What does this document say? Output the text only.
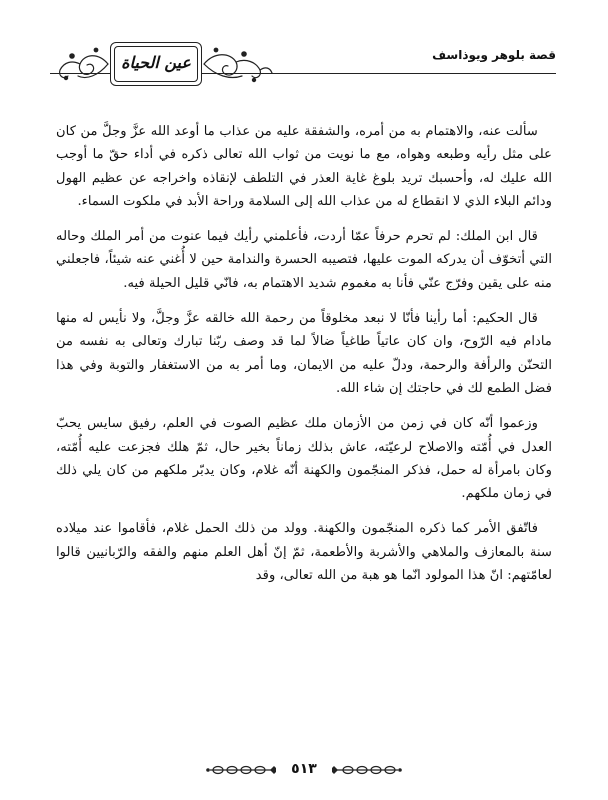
عين الحياة	قصة بلوهر ويوذاسف

سألت عنه، والاهتمام به من أمره، والشفقة عليه من عذاب ما أوعد الله عزَّ وجلَّ من كان على مثل رأيه وطبعه وهواه، مع ما نويت من ثواب الله تعالى ذكره في أداء حقّ ما أوجب الله عليك له، وأحسبك تريد بلوغ غاية العذر في التلطف لإنقاذه واخراجه عن عظيم الهول ودائم البلاء الذي لا انقطاع له من عذاب الله إلى السلامة وراحة الأبد في ملكوت السماء.

قال ابن الملك: لم تحرم حرفاً عمّا أردت، فأعلمني رأيك فيما عنوت من أمر الملك وحاله التي أتخوّف أن يدركه الموت عليها، فتصيبه الحسرة والندامة حين لا أُغني عنه شيئاً، فاجعلني منه على يقين وفرّج عنّي فأنا به مغموم شديد الاهتمام به، فانّي قليل الحيلة فيه.

قال الحكيم: أما رأينا فأنّا لا نبعد مخلوقاً من رحمة الله خالقه عزَّ وجلَّ، ولا نأيس له منها مادام فيه الرّوح، وان كان عاتياً طاغياً ضالاً لما قد وصف ربّنا تبارك وتعالى به نفسه من التحنّن والرأفة والرحمة، ودلّ عليه من الايمان، وما أمر به من الاستغفار والتوبة وفي هذا فضل الطمع لك في حاجتك إن شاء الله.

وزعموا أنّه كان في زمن من الأزمان ملك عظيم الصوت في العلم، رفيق سايس يحبّ العدل في أُمّته والاصلاح لرعيّته، عاش بذلك زماناً بخير حال، ثمّ هلك فجزعت عليه أُمّته، وكان بامرأة له حمل، فذكر المنجّمون والكهنة أنّه غلام، وكان يدبّر ملكهم من كان يلي ذلك في زمان ملكهم.

فاتّفق الأمر كما ذكره المنجّمون والكهنة. وولد من ذلك الحمل غلام، فأقاموا عند ميلاده سنة بالمعازف والملاهي والأشربة والأطعمة، ثمّ إنّ أهل العلم منهم والفقه والرّبانيين قالوا لعامّتهم: انّ هذا المولود انّما هو هبة من الله تعالى، وقد

٥١٣
